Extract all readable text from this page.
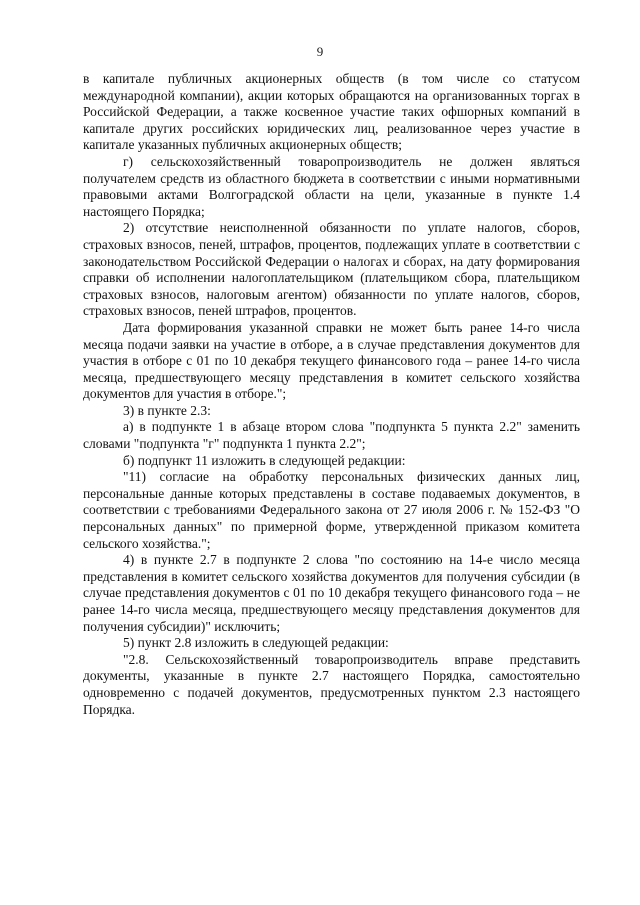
9

в капитале публичных акционерных обществ (в том числе со статусом международной компании), акции которых обращаются на организованных торгах в Российской Федерации, а также косвенное участие таких офшорных компаний в капитале других российских юридических лиц, реализованное через участие в капитале указанных публичных акционерных обществ;

г) сельскохозяйственный товаропроизводитель не должен являться получателем средств из областного бюджета в соответствии с иными нормативными правовыми актами Волгоградской области на цели, указанные в пункте 1.4 настоящего Порядка;

2) отсутствие неисполненной обязанности по уплате налогов, сборов, страховых взносов, пеней, штрафов, процентов, подлежащих уплате в соответствии с законодательством Российской Федерации о налогах и сборах, на дату формирования справки об исполнении налогоплательщиком (плательщиком сбора, плательщиком страховых взносов, налоговым агентом) обязанности по уплате налогов, сборов, страховых взносов, пеней штрафов, процентов.

Дата формирования указанной справки не может быть ранее 14-го числа месяца подачи заявки на участие в отборе, а в случае представления документов для участия в отборе с 01 по 10 декабря текущего финансового года – ранее 14-го числа месяца, предшествующего месяцу представления в комитет сельского хозяйства документов для участия в отборе.";

3) в пункте 2.3:

а) в подпункте 1 в абзаце втором слова "подпункта 5 пункта 2.2" заменить словами "подпункта "г" подпункта 1 пункта 2.2";

б) подпункт 11 изложить в следующей редакции:

"11) согласие на обработку персональных физических данных лиц, персональные данные которых представлены в составе подаваемых документов, в соответствии с требованиями Федерального закона от 27 июля 2006 г. № 152-ФЗ "О персональных данных" по примерной форме, утвержденной приказом комитета сельского хозяйства.";

4) в пункте 2.7 в подпункте 2 слова "по состоянию на 14-е число месяца представления в комитет сельского хозяйства документов для получения субсидии (в случае представления документов с 01 по 10 декабря текущего финансового года – не ранее 14-го числа месяца, предшествующего месяцу представления документов для получения субсидии)" исключить;

5) пункт 2.8 изложить в следующей редакции:

"2.8. Сельскохозяйственный товаропроизводитель вправе представить документы, указанные в пункте 2.7 настоящего Порядка, самостоятельно одновременно с подачей документов, предусмотренных пунктом 2.3 настоящего Порядка.
